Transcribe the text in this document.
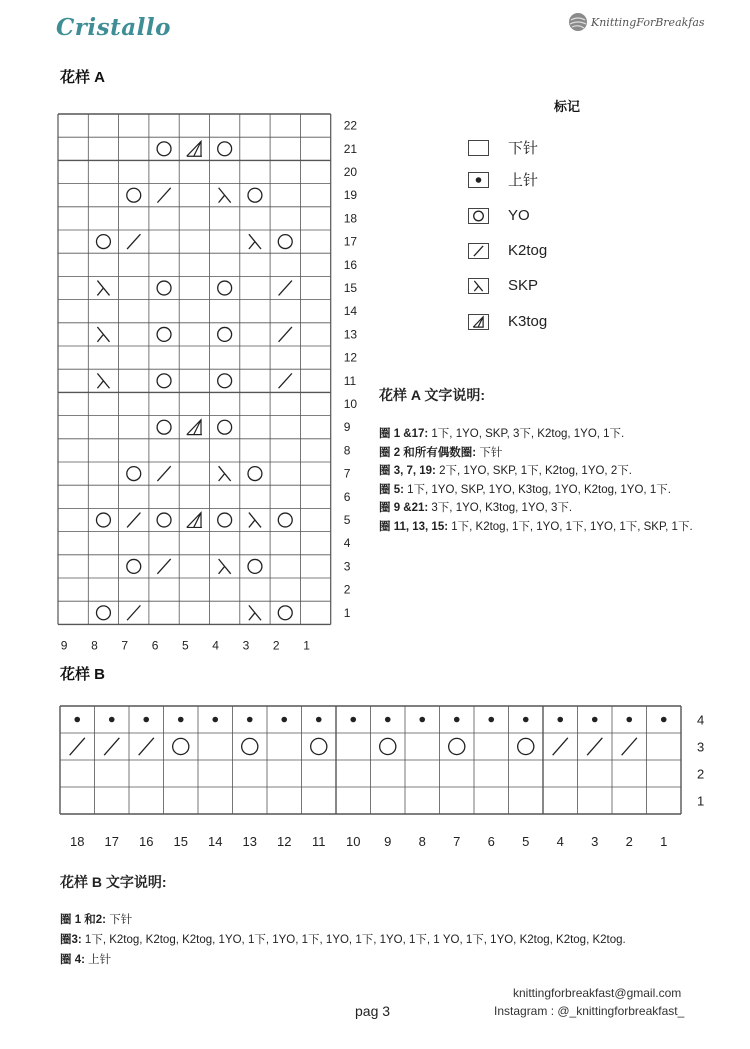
Cristallo	KnittingForBreakfas
花样 A
1
2
3
4
5
6
7
8
9
10
11
12
13
14
15
16
17
18
19
20
21
22
9 8 7 6 5 4 3 2 1
标记
下针
上针
YO
K2tog
SKP
K3tog
花样 A 文字说明:
圈 1 &17: 1下, 1YO, SKP, 3下, K2tog, 1YO, 1下.
圈 2 和所有偶数圈: 下针
圈 3, 7, 19: 2下, 1YO, SKP, 1下, K2tog, 1YO, 2下.
圈 5: 1下, 1YO, SKP, 1YO, K3tog, 1YO, K2tog, 1YO, 1下.
圈 9 &21: 3下, 1YO, K3tog, 1YO, 3下.
圈 11, 13, 15: 1下, K2tog, 1下, 1YO, 1下, 1YO, 1下, SKP, 1下.
花样 B
4
3
2
1
18 17 16 15 14 13 12 11 10 9 8 7 6 5 4 3 2 1
花样 B 文字说明:
圈 1 和2: 下针
圈3: 1下, K2tog, K2tog, K2tog, 1YO, 1下, 1YO, 1下, 1YO, 1下, 1YO, 1下, 1 YO, 1下, 1YO, K2tog, K2tog, K2tog.
圈 4: 上针
knittingforbreakfast@gmail.com
Instagram : @_knittingforbreakfast_
pag 3
